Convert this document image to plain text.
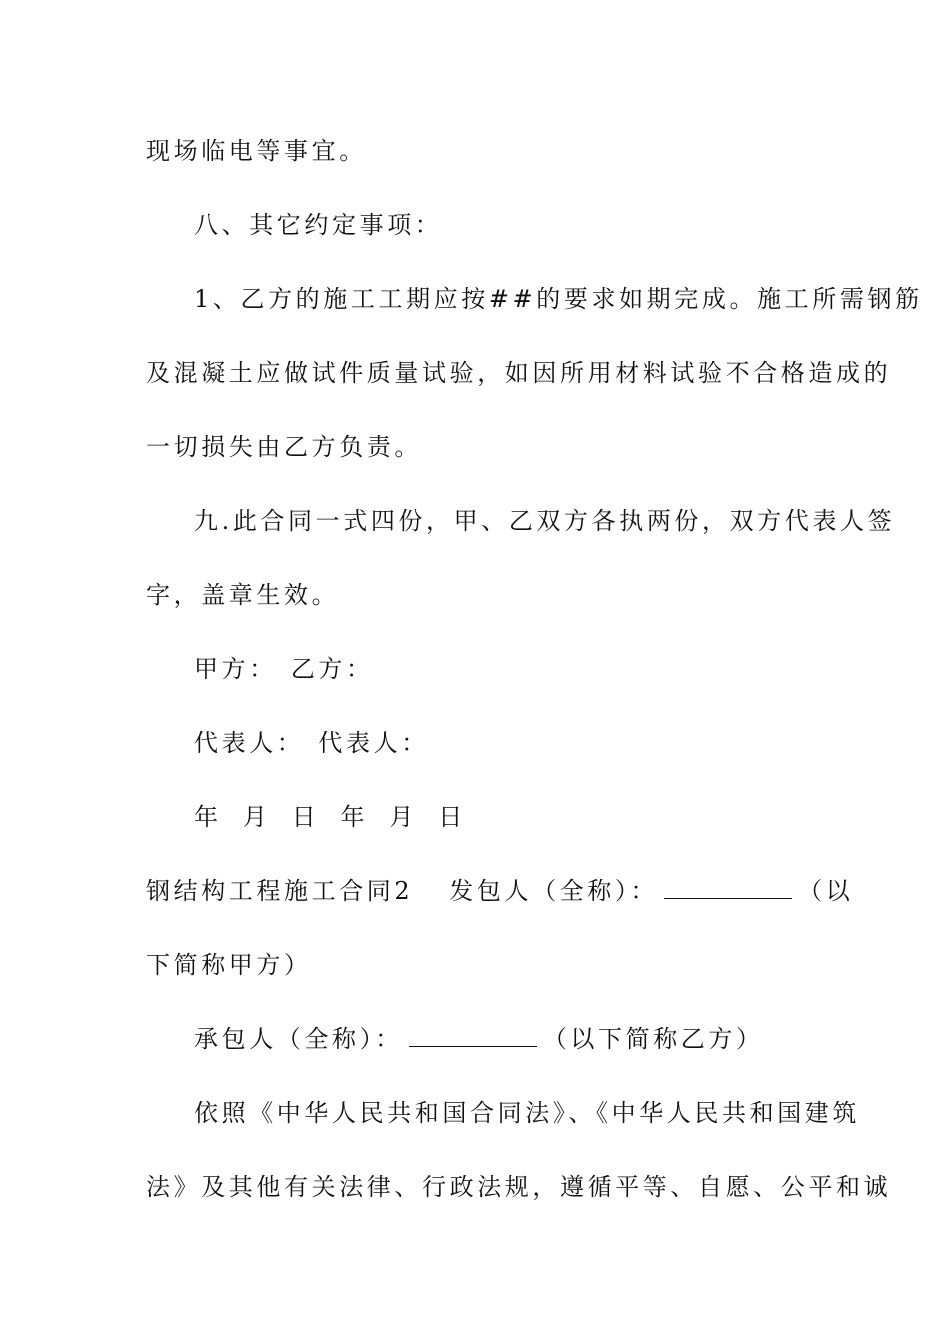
现场临电等事宜。
八、其它约定事项：
1、乙方的施工工期应按##的要求如期完成。施工所需钢筋
及混凝土应做试件质量试验，如因所用材料试验不合格造成的
一切损失由乙方负责。
九.此合同一式四份，甲、乙双方各执两份，双方代表人签
字，盖章生效。
甲方： 乙方：
代表人： 代表人：
年 月 日 年 月 日
钢结构工程施工合同2 发包人（全称）：	（以
下简称甲方）
承包人（全称）：	（以下简称乙方）
依照《中华人民共和国合同法》、《中华人民共和国建筑
法》及其他有关法律、行政法规，遵循平等、自愿、公平和诚
